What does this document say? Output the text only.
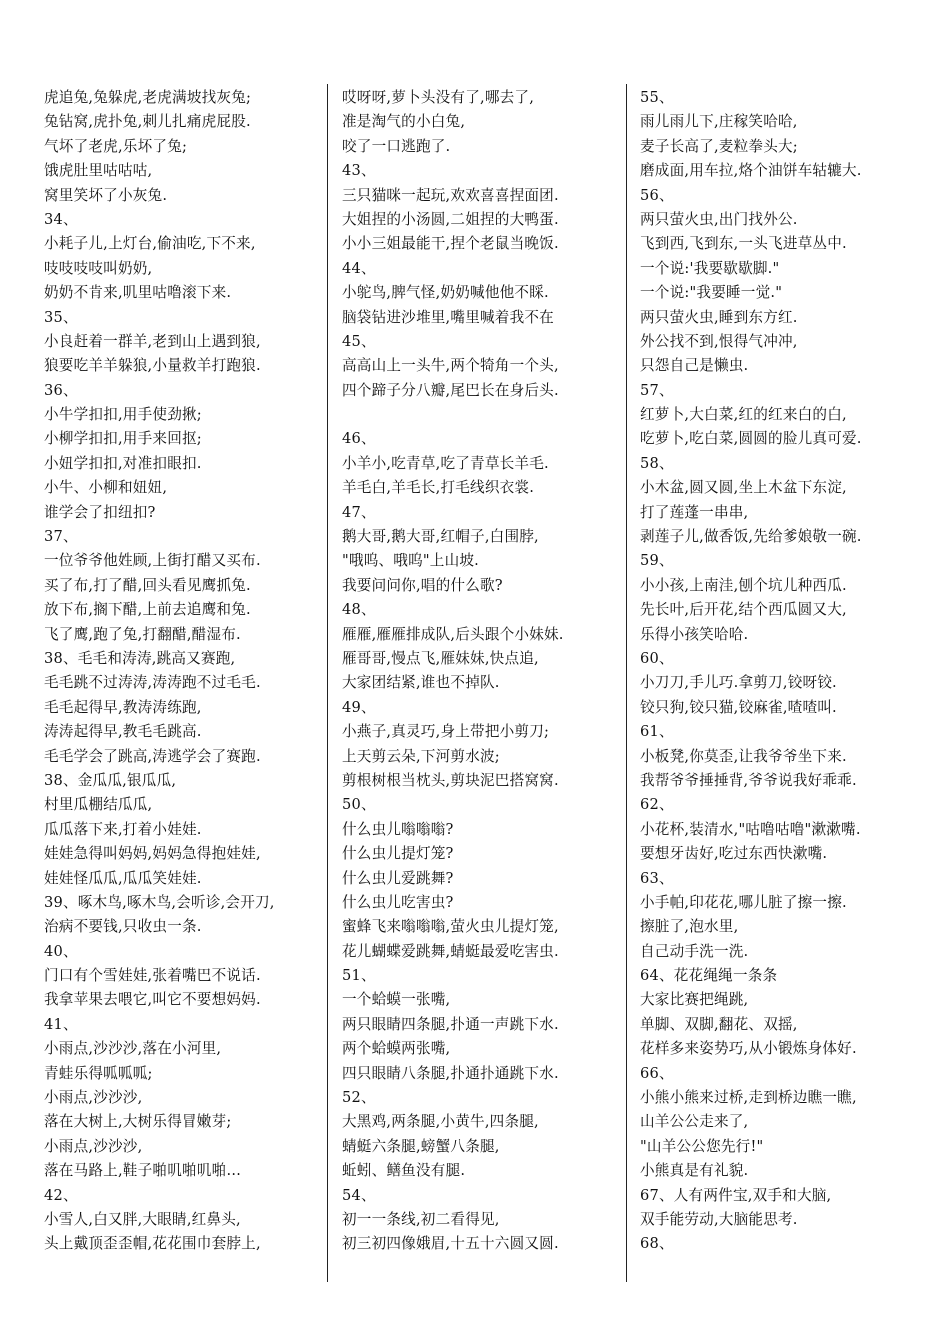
虎追兔,兔躲虎,老虎满坡找灰兔;
兔钻窝,虎扑兔,刺儿扎痛虎屁股.
气坏了老虎,乐坏了兔;
饿虎肚里咕咕咕,
窝里笑坏了小灰兔.
34、
小耗子儿,上灯台,偷油吃,下不来,
吱吱吱吱叫奶奶,
奶奶不肯来,叽里咕噜滚下来.
35、
小良赶着一群羊,老到山上遇到狼,
狼要吃羊羊躲狼,小量救羊打跑狼.
36、
小牛学扣扣,用手使劲揪;
小柳学扣扣,用手来回抠;
小妞学扣扣,对准扣眼扣.
小牛、小柳和妞妞,
谁学会了扣纽扣?
37、
一位爷爷他姓顾,上街打醋又买布.
买了布,打了醋,回头看见鹰抓兔.
放下布,搁下醋,上前去追鹰和兔.
飞了鹰,跑了兔,打翻醋,醋湿布.
38、毛毛和涛涛,跳高又赛跑,
毛毛跳不过涛涛,涛涛跑不过毛毛.
毛毛起得早,教涛涛练跑,
涛涛起得早,教毛毛跳高.
毛毛学会了跳高,涛逃学会了赛跑.
38、金瓜瓜,银瓜瓜,
村里瓜棚结瓜瓜,
瓜瓜落下来,打着小娃娃.
娃娃急得叫妈妈,妈妈急得抱娃娃,
娃娃怪瓜瓜,瓜瓜笑娃娃.
39、啄木鸟,啄木鸟,会听诊,会开刀,
治病不要钱,只收虫一条.
40、
门口有个雪娃娃,张着嘴巴不说话.
我拿苹果去喂它,叫它不要想妈妈.
41、
小雨点,沙沙沙,落在小河里,
青蛙乐得呱呱呱;
小雨点,沙沙沙,
落在大树上,大树乐得冒嫩芽;
小雨点,沙沙沙,
落在马路上,鞋子啪叽啪叽啪…
42、
小雪人,白又胖,大眼睛,红鼻头,
头上戴顶歪歪帽,花花围巾套脖上,
哎呀呀,萝卜头没有了,哪去了,
准是淘气的小白兔,
咬了一口逃跑了.
43、
三只猫咪一起玩,欢欢喜喜捏面团.
大姐捏的小汤圆,二姐捏的大鸭蛋.
小小三姐最能干,捏个老鼠当晚饭.
44、
小鸵鸟,脾气怪,奶奶喊他他不睬.
脑袋钻进沙堆里,嘴里喊着我不在
45、
高高山上一头牛,两个犄角一个头,
四个蹄子分八瓣,尾巴长在身后头.
46、
小羊小,吃青草,吃了青草长羊毛.
羊毛白,羊毛长,打毛线织衣裳.
47、
鹅大哥,鹅大哥,红帽子,白围脖,
"哦呜、哦呜"上山坡.
我要问问你,唱的什么歌?
48、
雁雁,雁雁排成队,后头跟个小妹妹.
雁哥哥,慢点飞,雁妹妹,快点追,
大家团结紧,谁也不掉队.
49、
小燕子,真灵巧,身上带把小剪刀;
上天剪云朵,下河剪水波;
剪根树根当枕头,剪块泥巴搭窝窝.
50、
什么虫儿嗡嗡嗡?
什么虫儿提灯笼?
什么虫儿爱跳舞?
什么虫儿吃害虫?
蜜蜂飞来嗡嗡嗡,萤火虫儿提灯笼,
花儿蝴蝶爱跳舞,蜻蜓最爱吃害虫.
51、
一个蛤蟆一张嘴,
两只眼睛四条腿,扑通一声跳下水.
两个蛤蟆两张嘴,
四只眼睛八条腿,扑通扑通跳下水.
52、
大黑鸡,两条腿,小黄牛,四条腿,
蜻蜓六条腿,螃蟹八条腿,
蚯蚓、鳝鱼没有腿.
54、
初一一条线,初二看得见,
初三初四像娥眉,十五十六圆又圆.
55、
雨儿雨儿下,庄稼笑哈哈,
麦子长高了,麦粒拳头大;
磨成面,用车拉,烙个油饼车轱辘大.
56、
两只萤火虫,出门找外公.
飞到西,飞到东,一头飞进草丛中.
一个说:'我要歇歇脚."
一个说:"我要睡一觉."
两只萤火虫,睡到东方红.
外公找不到,恨得气冲冲,
只怨自己是懒虫.
57、
红萝卜,大白菜,红的红来白的白,
吃萝卜,吃白菜,圆圆的脸儿真可爱.
58、
小木盆,圆又圆,坐上木盆下东淀,
打了莲蓬一串串,
剥莲子儿,做香饭,先给爹娘敬一碗.
59、
小小孩,上南洼,刨个坑儿种西瓜.
先长叶,后开花,结个西瓜圆又大,
乐得小孩笑哈哈.
60、
小刀刀,手儿巧.拿剪刀,铰呀铰.
铰只狗,铰只猫,铰麻雀,喳喳叫.
61、
小板凳,你莫歪,让我爷爷坐下来.
我帮爷爷捶捶背,爷爷说我好乖乖.
62、
小花杯,装清水,"咕噜咕噜"漱漱嘴.
要想牙齿好,吃过东西快漱嘴.
63、
小手帕,印花花,哪儿脏了擦一擦.
擦脏了,泡水里,
自己动手洗一洗.
64、花花绳绳一条条
大家比赛把绳跳,
单脚、双脚,翻花、双摇,
花样多来姿势巧,从小锻炼身体好.
66、
小熊小熊来过桥,走到桥边瞧一瞧,
山羊公公走来了,
"山羊公公您先行!"
小熊真是有礼貌.
67、人有两件宝,双手和大脑,
双手能劳动,大脑能思考.
68、
